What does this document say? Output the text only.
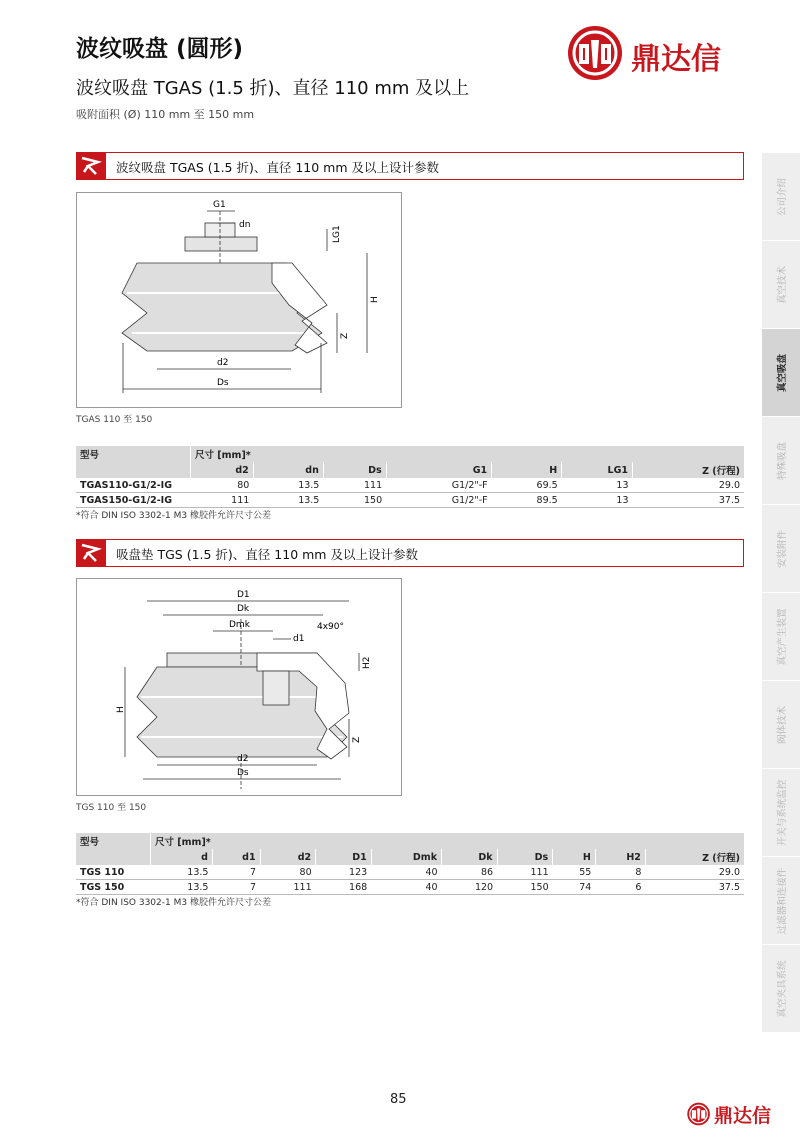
波纹吸盘 (圆形)
波纹吸盘 TGAS (1.5 折)、直径 110 mm 及以上
吸附面积 (Ø) 110 mm 至 150 mm
鼎达信
波纹吸盘 TGAS (1.5 折)、直径 110 mm 及以上设计参数
G1
dn
LG1
H
Z
d2
Ds
TGAS 110 至 150
型号	尺寸 [mm]*						
	d2	dn	Ds	G1	H	LG1	Z (行程)
TGAS110-G1/2-IG	80	13.5	111	G1/2"-F	69.5	13	29.0
TGAS150-G1/2-IG	111	13.5	150	G1/2"-F	89.5	13	37.5
*符合 DIN ISO 3302-1 M3 橡胶件允许尺寸公差
吸盘垫 TGS (1.5 折)、直径 110 mm 及以上设计参数
D1
Dk
Dmk
d1
4x90°
H2
H
Z
d2
Ds
TGS 110 至 150
型号	尺寸 [mm]*									
	d	d1	d2	D1	Dmk	Dk	Ds	H	H2	Z (行程)
TGS 110	13.5	7	80	123	40	86	111	55	8	29.0
TGS 150	13.5	7	111	168	40	120	150	74	6	37.5
*符合 DIN ISO 3302-1 M3 橡胶件允许尺寸公差
公司介绍
真空技术
真空吸盘
特殊吸盘
安装附件
真空产生装置
阀体技术
开关与系统监控
过滤器和连接件
真空夹具系统
85
鼎达信
